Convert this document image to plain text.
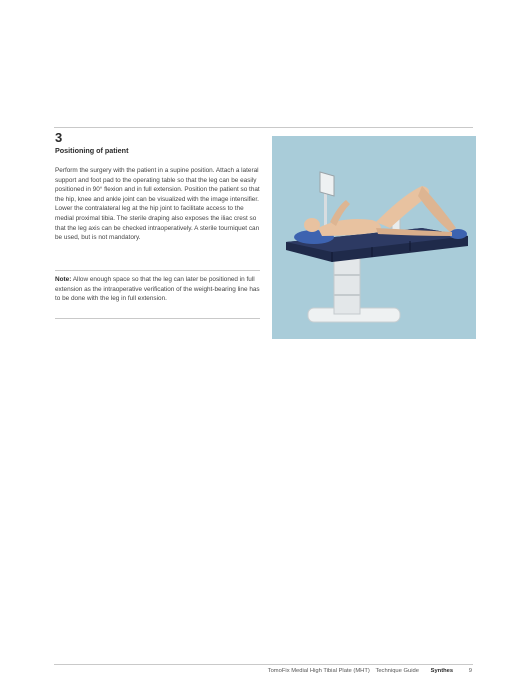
3
Positioning of patient

Perform the surgery with the patient in a supine position. Attach a lateral support and foot pad to the operating table so that the leg can be easily positioned in 90° flexion and in full extension. Position the patient so that the hip, knee and ankle joint can be visualized with the image intensifier. Lower the contralateral leg at the hip joint to facilitate access to the medial proximal tibia. The sterile draping also exposes the iliac crest so that the leg axis can be checked intraoperatively. A sterile tourniquet can be used, but is not mandatory.

Note: Allow enough space so that the leg can later be positioned in full extension as the intraoperative verification of the weight-bearing line has to be done with the leg in full extension.

TomoFix Medial High Tibial Plate (MHT) Technique Guide Synthes	9
